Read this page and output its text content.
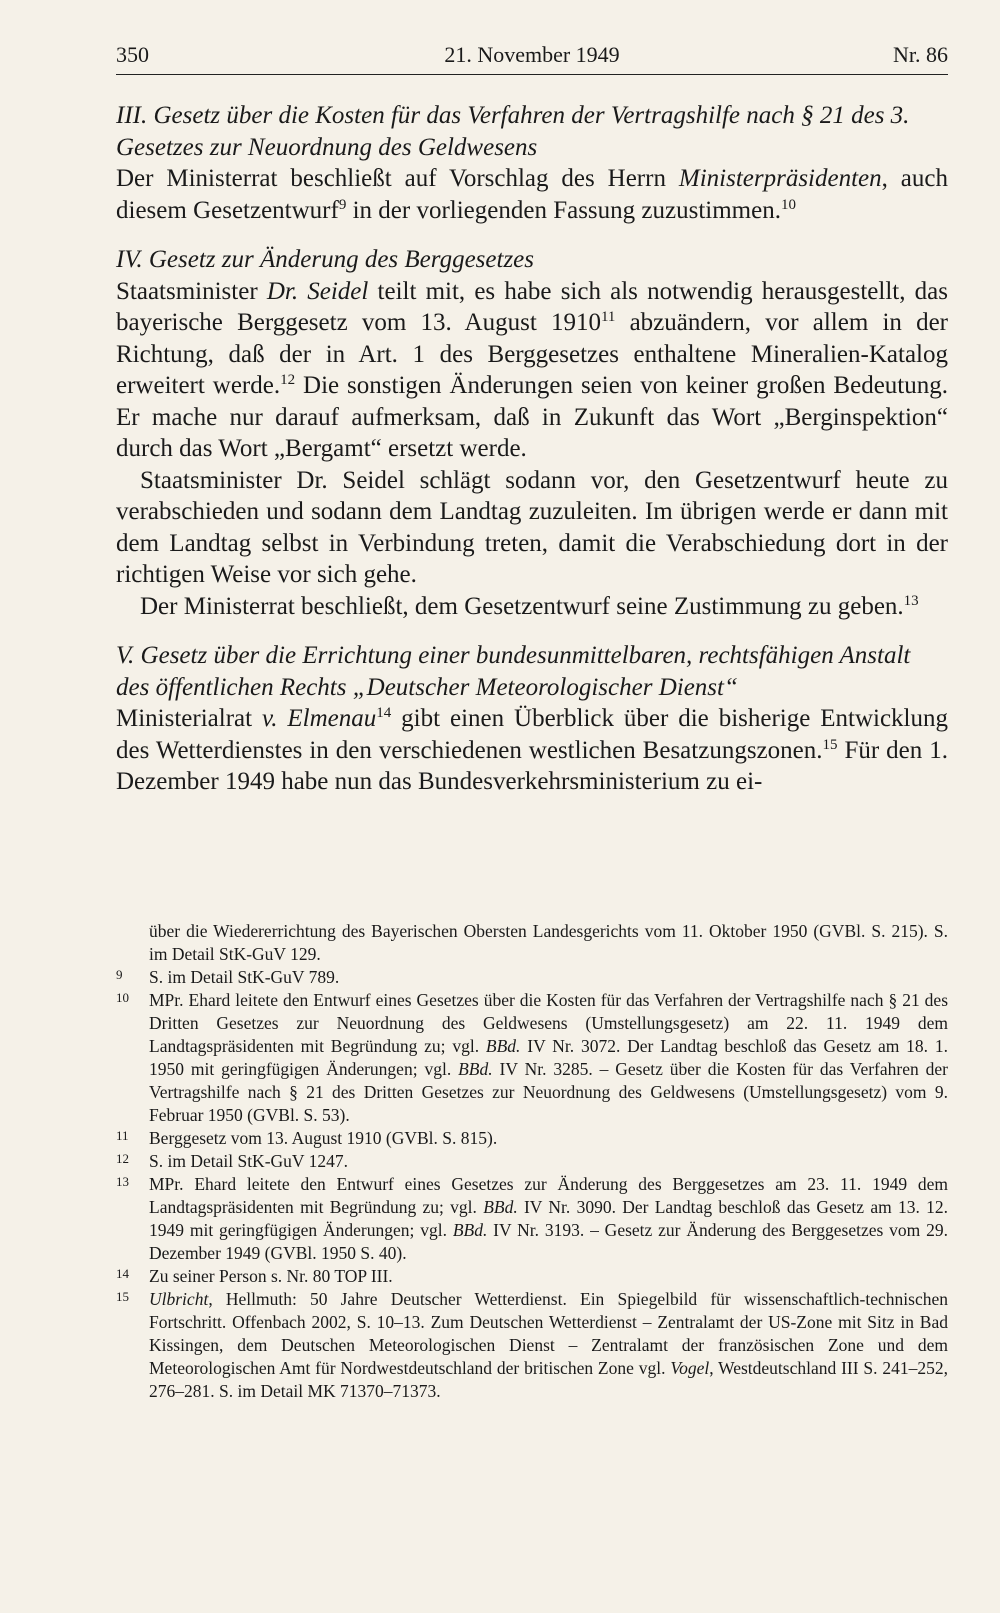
350	21. November 1949	Nr. 86

III. Gesetz über die Kosten für das Verfahren der Vertragshilfe nach § 21 des 3. Gesetzes zur Neuordnung des Geldwesens

Der Ministerrat beschließt auf Vorschlag des Herrn Ministerpräsidenten, auch diesem Gesetzentwurf$^9$ in der vorliegenden Fassung zuzustimmen.$^{10}$

IV. Gesetz zur Änderung des Berggesetzes

Staatsminister Dr. Seidel teilt mit, es habe sich als notwendig herausgestellt, das bayerische Berggesetz vom 13. August 1910$^{11}$ abzuändern, vor allem in der Richtung, daß der in Art. 1 des Berggesetzes enthaltene Mineralien-Katalog erweitert werde.$^{12}$ Die sonstigen Änderungen seien von keiner großen Bedeutung. Er mache nur darauf aufmerksam, daß in Zukunft das Wort „Berginspektion“ durch das Wort „Bergamt“ ersetzt werde.

Staatsminister Dr. Seidel schlägt sodann vor, den Gesetzentwurf heute zu verabschieden und sodann dem Landtag zuzuleiten. Im übrigen werde er dann mit dem Landtag selbst in Verbindung treten, damit die Verabschiedung dort in der richtigen Weise vor sich gehe.

Der Ministerrat beschließt, dem Gesetzentwurf seine Zustimmung zu geben.$^{13}$

V. Gesetz über die Errichtung einer bundesunmittelbaren, rechtsfähigen Anstalt des öffentlichen Rechts „Deutscher Meteorologischer Dienst“

Ministerialrat v. Elmenau$^{14}$ gibt einen Überblick über die bisherige Entwicklung des Wetterdienstes in den verschiedenen westlichen Besatzungszonen.$^{15}$ Für den 1. Dezember 1949 habe nun das Bundesverkehrsministerium zu ei-

über die Wiedererrichtung des Bayerischen Obersten Landesgerichts vom 11. Oktober 1950 (GVBl. S. 215). S. im Detail StK-GuV 129.

9 S. im Detail StK-GuV 789.

10 MPr. Ehard leitete den Entwurf eines Gesetzes über die Kosten für das Verfahren der Vertragshilfe nach § 21 des Dritten Gesetzes zur Neuordnung des Geldwesens (Umstellungsgesetz) am 22. 11. 1949 dem Landtagspräsidenten mit Begründung zu; vgl. BBd. IV Nr. 3072. Der Landtag beschloß das Gesetz am 18. 1. 1950 mit geringfügigen Änderungen; vgl. BBd. IV Nr. 3285. – Gesetz über die Kosten für das Verfahren der Vertragshilfe nach § 21 des Dritten Gesetzes zur Neuordnung des Geldwesens (Umstellungsgesetz) vom 9. Februar 1950 (GVBl. S. 53).

11 Berggesetz vom 13. August 1910 (GVBl. S. 815).

12 S. im Detail StK-GuV 1247.

13 MPr. Ehard leitete den Entwurf eines Gesetzes zur Änderung des Berggesetzes am 23. 11. 1949 dem Landtagspräsidenten mit Begründung zu; vgl. BBd. IV Nr. 3090. Der Landtag beschloß das Gesetz am 13. 12. 1949 mit geringfügigen Änderungen; vgl. BBd. IV Nr. 3193. – Gesetz zur Änderung des Berggesetzes vom 29. Dezember 1949 (GVBl. 1950 S. 40).

14 Zu seiner Person s. Nr. 80 TOP III.

15 Ulbricht, Hellmuth: 50 Jahre Deutscher Wetterdienst. Ein Spiegelbild für wissenschaftlich-technischen Fortschritt. Offenbach 2002, S. 10–13. Zum Deutschen Wetterdienst – Zentralamt der US-Zone mit Sitz in Bad Kissingen, dem Deutschen Meteorologischen Dienst – Zentralamt der französischen Zone und dem Meteorologischen Amt für Nordwestdeutschland der britischen Zone vgl. Vogel, Westdeutschland III S. 241–252, 276–281. S. im Detail MK 71370–71373.
